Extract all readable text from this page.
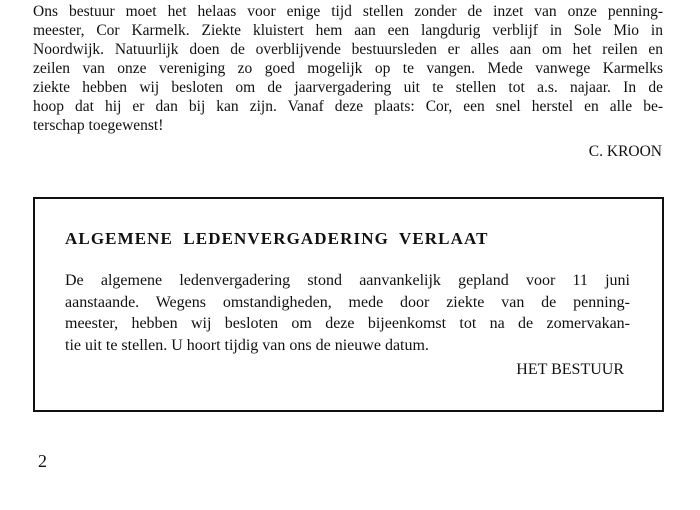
Ons bestuur moet het helaas voor enige tijd stellen zonder de inzet van onze penning-
meester, Cor Karmelk. Ziekte kluistert hem aan een langdurig verblijf in Sole Mio in
Noordwijk. Natuurlijk doen de overblijvende bestuursleden er alles aan om het reilen en
zeilen van onze vereniging zo goed mogelijk op te vangen. Mede vanwege Karmelks
ziekte hebben wij besloten om de jaarvergadering uit te stellen tot a.s. najaar. In de
hoop dat hij er dan bij kan zijn. Vanaf deze plaats: Cor, een snel herstel en alle be-
terschap toegewenst!
C. KROON
ALGEMENE LEDENVERGADERING VERLAAT
De algemene ledenvergadering stond aanvankelijk gepland voor 11 juni
aanstaande. Wegens omstandigheden, mede door ziekte van de penning-
meester, hebben wij besloten om deze bijeenkomst tot na de zomervakan-
tie uit te stellen. U hoort tijdig van ons de nieuwe datum.
HET BESTUUR
2
